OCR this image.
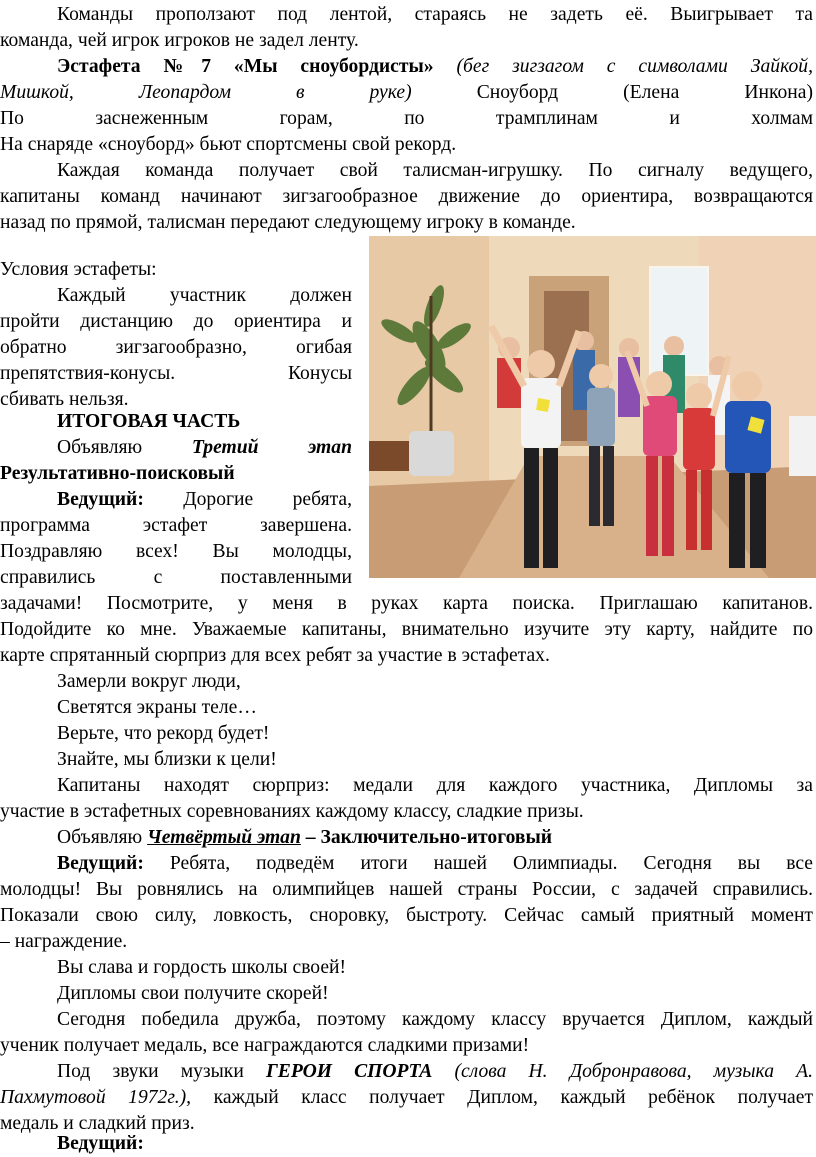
Команды проползают под лентой, стараясь не задеть её. Выигрывает та
команда, чей игрок игроков не задел ленту.
Эстафета №7 «Мы сноубордисты» (бег зигзагом с символами Зайкой,
Мишкой, Леопардом в руке)	Сноуборд (Елена Инкона)
По заснеженным горам, по трамплинам и холмам
На снаряде «сноуборд» бьют спортсмены свой рекорд.
Каждая команда получает свой талисман-игрушку. По сигналу ведущего,
капитаны команд начинают зигзагообразное движение до ориентира, возвращаются
назад по прямой, талисман передают следующему игроку в команде.
Условия эстафеты:
Каждый участник должен
пройти дистанцию до ориентира и
обратно зигзагообразно, огибая
препятствия-конусы. Конусы
сбивать нельзя.
ИТОГОВАЯ ЧАСТЬ
Объявляю	Третий этап
Результативно-поисковый
Ведущий: Дорогие ребята,
программа эстафет завершена.
Поздравляю всех! Вы молодцы,
справились с поставленными
задачами! Посмотрите, у меня в руках карта поиска. Приглашаю капитанов.
Подойдите ко мне. Уважаемые капитаны, внимательно изучите эту карту, найдите по
карте спрятанный сюрприз для всех ребят за участие в эстафетах.
Замерли вокруг люди,
Светятся экраны теле…
Верьте, что рекорд будет!
Знайте, мы близки к цели!
Капитаны находят сюрприз: медали для каждого участника, Дипломы за
участие в эстафетных соревнованиях каждому классу, сладкие призы.
Объявляю Четвёртый этап – Заключительно-итоговый
Ведущий: Ребята, подведём итоги нашей Олимпиады. Сегодня вы все
молодцы! Вы ровнялись на олимпийцев нашей страны России, с задачей справились.
Показали свою силу, ловкость, сноровку, быстроту. Сейчас самый приятный момент
– награждение.
Вы слава и гордость школы своей!
Дипломы свои получите скорей!
Сегодня победила дружба, поэтому каждому классу вручается Диплом, каждый
ученик получает медаль, все награждаются сладкими призами!
Под звуки музыки ГЕРОИ СПОРТА (слова Н. Добронравова, музыка А.
Пахмутовой 1972г.), каждый класс получает Диплом, каждый ребёнок получает
медаль и сладкий приз.
Ведущий:
